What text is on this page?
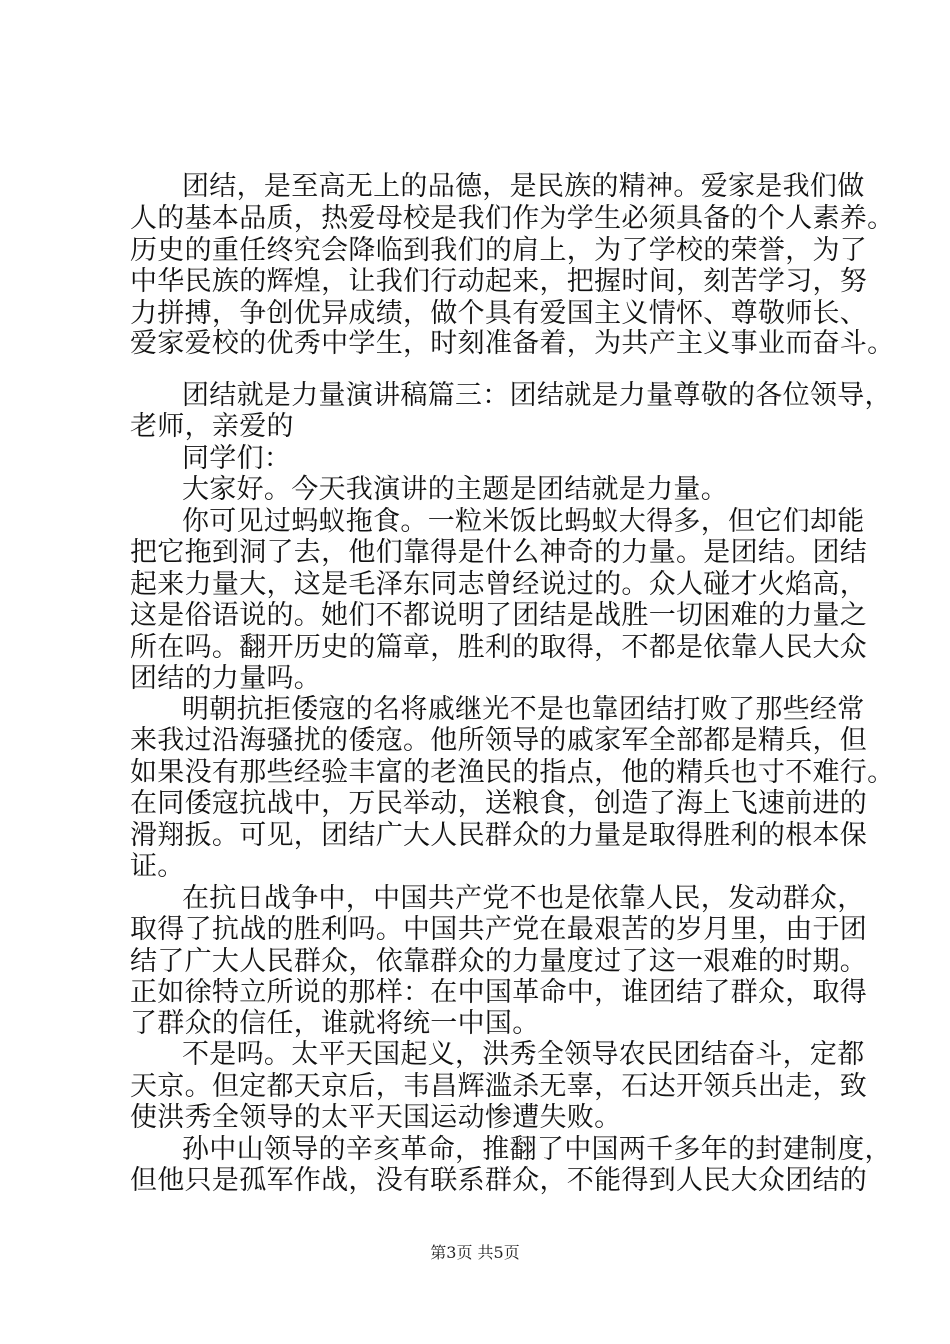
团结，是至高无上的品德，是民族的精神。爱家是我们做
人的基本品质，热爱母校是我们作为学生必须具备的个人素养。
历史的重任终究会降临到我们的肩上，为了学校的荣誉，为了
中华民族的辉煌，让我们行动起来，把握时间，刻苦学习，努
力拼搏，争创优异成绩，做个具有爱国主义情怀、尊敬师长、
爱家爱校的优秀中学生，时刻准备着，为共产主义事业而奋斗。
团结就是力量演讲稿篇三：团结就是力量尊敬的各位领导，
老师，亲爱的
同学们：
大家好。今天我演讲的主题是团结就是力量。
你可见过蚂蚁拖食。一粒米饭比蚂蚁大得多，但它们却能
把它拖到洞了去，他们靠得是什么神奇的力量。是团结。团结
起来力量大，这是毛泽东同志曾经说过的。众人碰才火焰高，
这是俗语说的。她们不都说明了团结是战胜一切困难的力量之
所在吗。翻开历史的篇章，胜利的取得，不都是依靠人民大众
团结的力量吗。
明朝抗拒倭寇的名将戚继光不是也靠团结打败了那些经常
来我过沿海骚扰的倭寇。他所领导的戚家军全部都是精兵，但
如果没有那些经验丰富的老渔民的指点，他的精兵也寸不难行。
在同倭寇抗战中，万民举动，送粮食，创造了海上飞速前进的
滑翔扳。可见，团结广大人民群众的力量是取得胜利的根本保
证。
在抗日战争中，中国共产党不也是依靠人民，发动群众，
取得了抗战的胜利吗。中国共产党在最艰苦的岁月里，由于团
结了广大人民群众，依靠群众的力量度过了这一艰难的时期。
正如徐特立所说的那样：在中国革命中，谁团结了群众，取得
了群众的信任，谁就将统一中国。
不是吗。太平天国起义，洪秀全领导农民团结奋斗，定都
天京。但定都天京后，韦昌辉滥杀无辜，石达开领兵出走，致
使洪秀全领导的太平天国运动惨遭失败。
孙中山领导的辛亥革命，推翻了中国两千多年的封建制度，
但他只是孤军作战，没有联系群众，不能得到人民大众团结的
第3页 共5页
